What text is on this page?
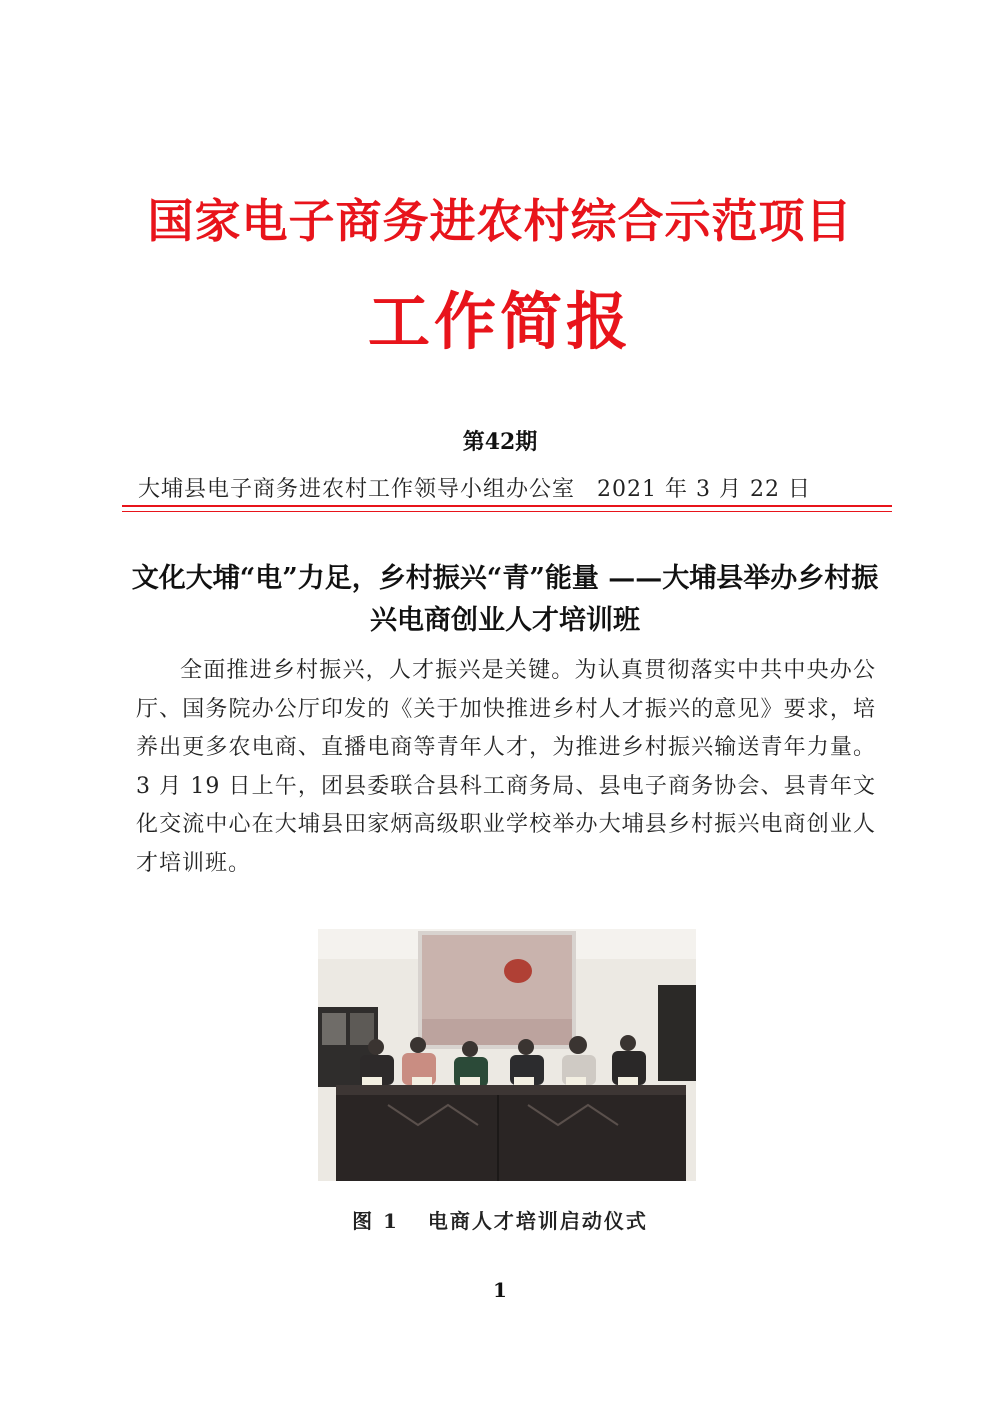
国家电子商务进农村综合示范项目
工作简报
第42期
大埔县电子商务进农村工作领导小组办公室 2021 年 3 月 22 日
文化大埔“电”力足，乡村振兴“青”能量 ——大埔县举办乡村振兴电商创业人才培训班
全面推进乡村振兴，人才振兴是关键。为认真贯彻落实中共中央办公厅、国务院办公厅印发的《关于加快推进乡村人才振兴的意见》要求，培养出更多农电商、直播电商等青年人才，为推进乡村振兴输送青年力量。3 月 19 日上午，团县委联合县科工商务局、县电子商务协会、县青年文化交流中心在大埔县田家炳高级职业学校举办大埔县乡村振兴电商创业人才培训班。
图 1 电商人才培训启动仪式
1
